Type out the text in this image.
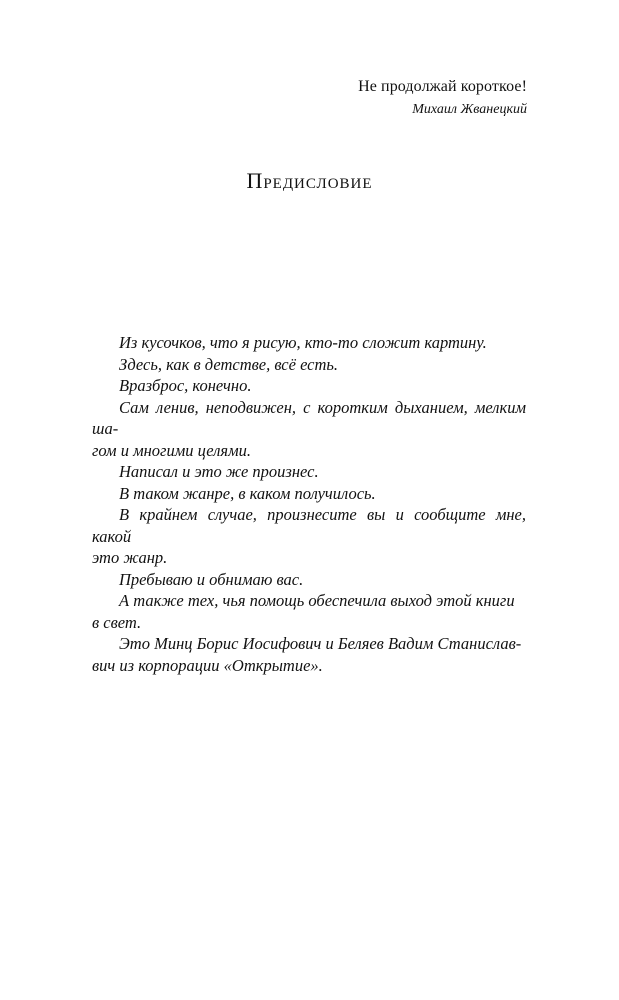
Не продолжай короткое!
Михаил Жванецкий
Предисловие

Из кусочков, что я рисую, кто-то сложит картину.

Здесь, как в детстве, всё есть.

Вразброс, конечно.

Сам ленив, неподвижен, с коротким дыханием, мелким ша-

гом и многими целями.

Написал и это же произнес.

В таком жанре, в каком получилось.

В крайнем случае, произнесите вы и сообщите мне, какой

это жанр.

Пребываю и обнимаю вас.

А также тех, чья помощь обеспечила выход этой книги

в свет.

Это Минц Борис Иосифович и Беляев Вадим Станислав-

вич из корпорации «Открытие».
